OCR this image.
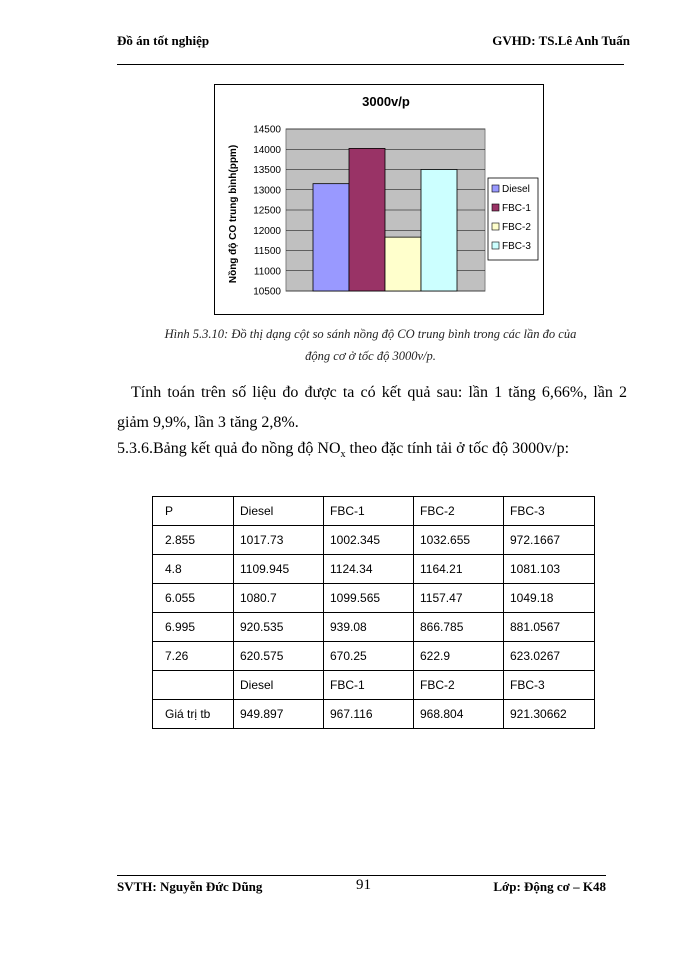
Đồ án tốt nghiệp	GVHD: TS.Lê Anh Tuấn
3000v/p
14500
14000
13500
13000
12500
12000
11500
11000
10500
Nồng độ CO trung bình(ppm)	Diesel
FBC-1
FBC-2
FBC-3
Hình 5.3.10: Đồ thị dạng cột so sánh nồng độ CO trung bình trong các lần đo của
động cơ ở tốc độ 3000v/p.
Tính toán trên số liệu đo được ta có kết quả sau: lần 1 tăng 6,66%, lần 2 giảm 9,9%, lần 3 tăng 2,8%.
5.3.6.Bảng kết quả đo nồng độ $NO_x$ theo đặc tính tải ở tốc độ 3000v/p:
P	Diesel	FBC-1	FBC-2	FBC-3
2.855	1017.73	1002.345	1032.655	972.1667
4.8	1109.945	1124.34	1164.21	1081.103
6.055	1080.7	1099.565	1157.47	1049.18
6.995	920.535	939.08	866.785	881.0567
7.26	620.575	670.25	622.9	623.0267
	Diesel	FBC-1	FBC-2	FBC-3
Giá trị tb	949.897	967.116	968.804	921.30662
SVTH: Nguyễn Đức Dũng	91	Lớp: Động cơ – K48
